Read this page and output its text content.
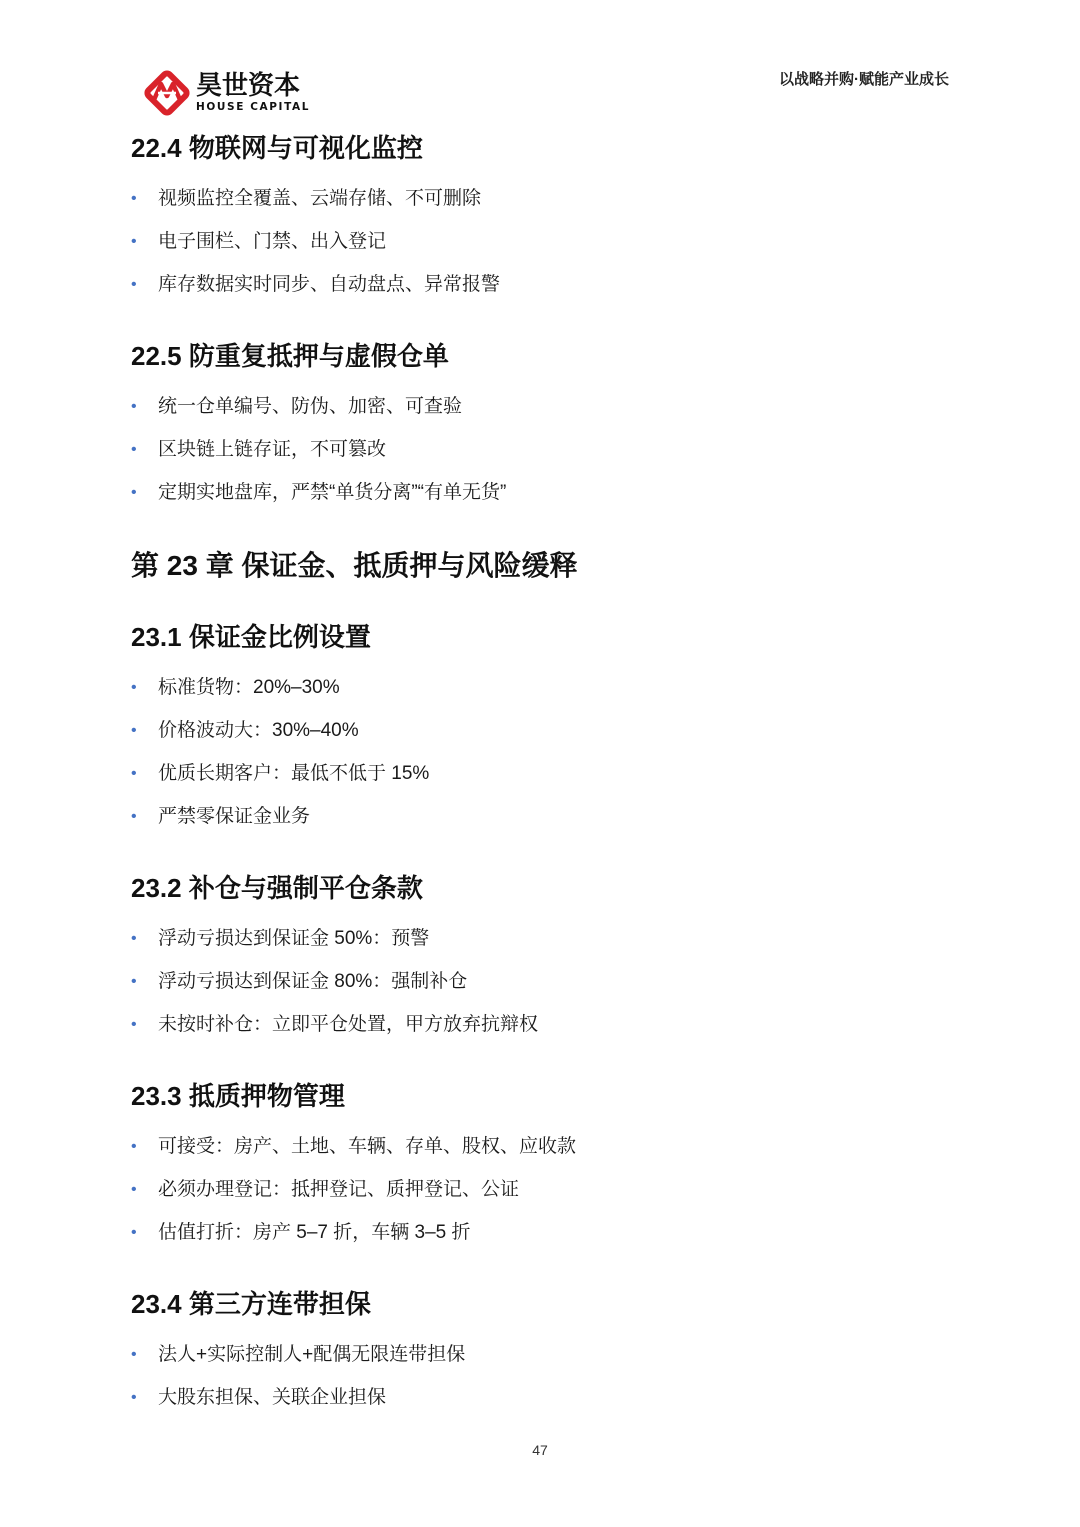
昊世资本
HOUSE CAPITAL
以战略并购·赋能产业成长
22.4 物联网与可视化监控
• 视频监控全覆盖、云端存储、不可删除
• 电子围栏、门禁、出入登记
• 库存数据实时同步、自动盘点、异常报警
22.5 防重复抵押与虚假仓单
• 统一仓单编号、防伪、加密、可查验
• 区块链上链存证，不可篡改
• 定期实地盘库，严禁“单货分离”“有单无货”
第 23 章 保证金、抵质押与风险缓释
23.1 保证金比例设置
• 标准货物：20%–30%
• 价格波动大：30%–40%
• 优质长期客户：最低不低于 15%
• 严禁零保证金业务
23.2 补仓与强制平仓条款
• 浮动亏损达到保证金 50%：预警
• 浮动亏损达到保证金 80%：强制补仓
• 未按时补仓：立即平仓处置，甲方放弃抗辩权
23.3 抵质押物管理
• 可接受：房产、土地、车辆、存单、股权、应收款
• 必须办理登记：抵押登记、质押登记、公证
• 估值打折：房产 5–7 折，车辆 3–5 折
23.4 第三方连带担保
• 法人+实际控制人+配偶无限连带担保
• 大股东担保、关联企业担保
47
